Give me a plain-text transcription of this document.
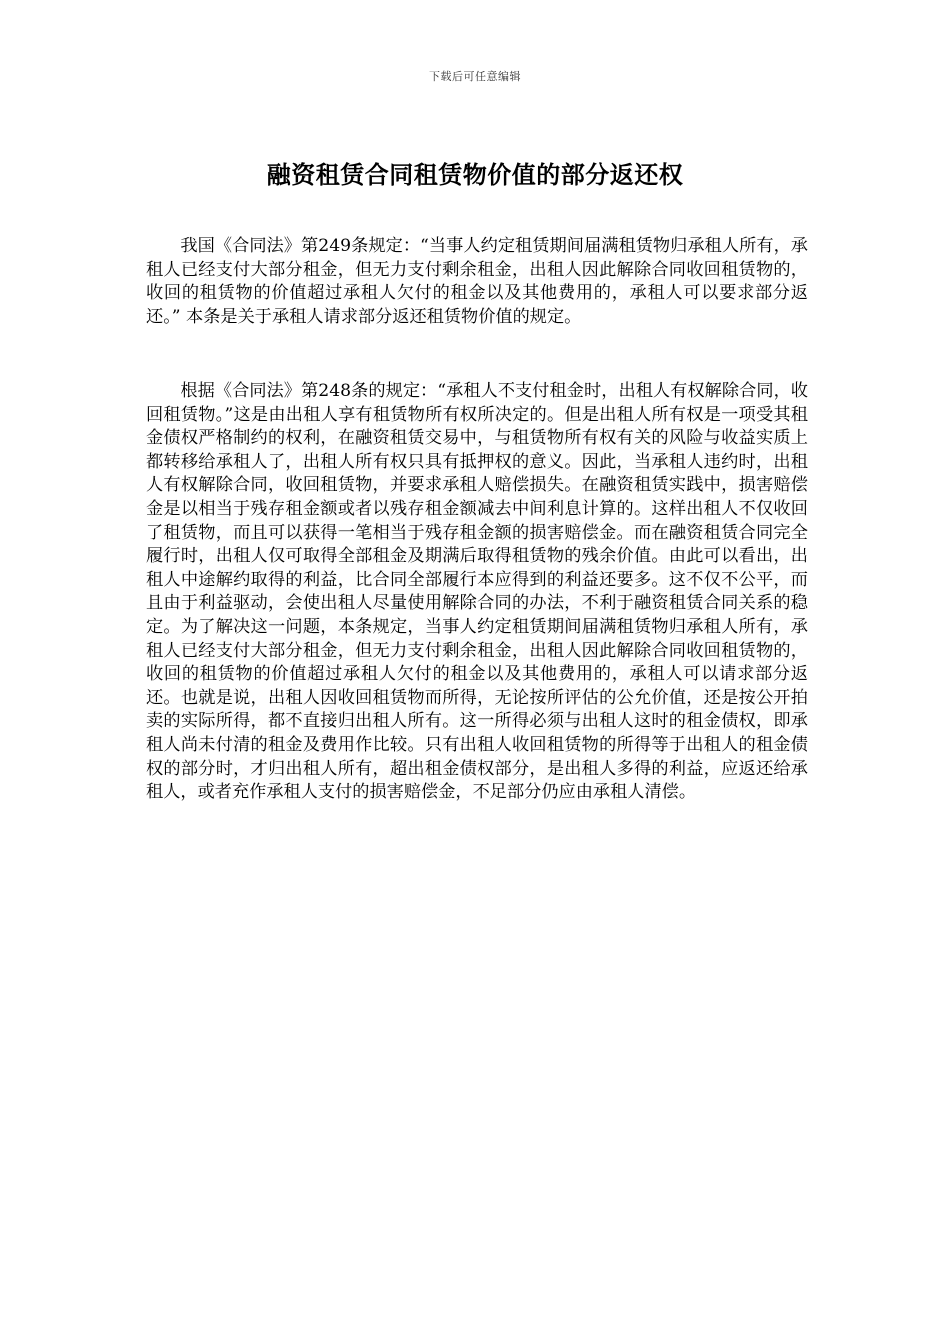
下载后可任意编辑
融资租赁合同租赁物价值的部分返还权

我国《合同法》第249条规定：“当事人约定租赁期间届满租赁物归承租人所有，承租人已经支付大部分租金，但无力支付剩余租金，出租人因此解除合同收回租赁物的，收回的租赁物的价值超过承租人欠付的租金以及其他费用的，承租人可以要求部分返还。” 本条是关于承租人请求部分返还租赁物价值的规定。

根据《合同法》第248条的规定：“承租人不支付租金时，出租人有权解除合同，收回租赁物。”这是由出租人享有租赁物所有权所决定的。但是出租人所有权是一项受其租金债权严格制约的权利，在融资租赁交易中，与租赁物所有权有关的风险与收益实质上都转移给承租人了，出租人所有权只具有抵押权的意义。因此，当承租人违约时，出租人有权解除合同，收回租赁物，并要求承租人赔偿损失。在融资租赁实践中，损害赔偿金是以相当于残存租金额或者以残存租金额减去中间利息计算的。这样出租人不仅收回了租赁物，而且可以获得一笔相当于残存租金额的损害赔偿金。而在融资租赁合同完全履行时，出租人仅可取得全部租金及期满后取得租赁物的残余价值。由此可以看出，出租人中途解约取得的利益，比合同全部履行本应得到的利益还要多。这不仅不公平，而且由于利益驱动，会使出租人尽量使用解除合同的办法，不利于融资租赁合同关系的稳定。为了解决这一问题，本条规定，当事人约定租赁期间届满租赁物归承租人所有，承租人已经支付大部分租金，但无力支付剩余租金，出租人因此解除合同收回租赁物的，收回的租赁物的价值超过承租人欠付的租金以及其他费用的，承租人可以请求部分返还。也就是说，出租人因收回租赁物而所得，无论按所评估的公允价值，还是按公开拍卖的实际所得，都不直接归出租人所有。这一所得必须与出租人这时的租金债权，即承租人尚未付清的租金及费用作比较。只有出租人收回租赁物的所得等于出租人的租金债权的部分时，才归出租人所有，超出租金债权部分，是出租人多得的利益，应返还给承租人，或者充作承租人支付的损害赔偿金，不足部分仍应由承租人清偿。
